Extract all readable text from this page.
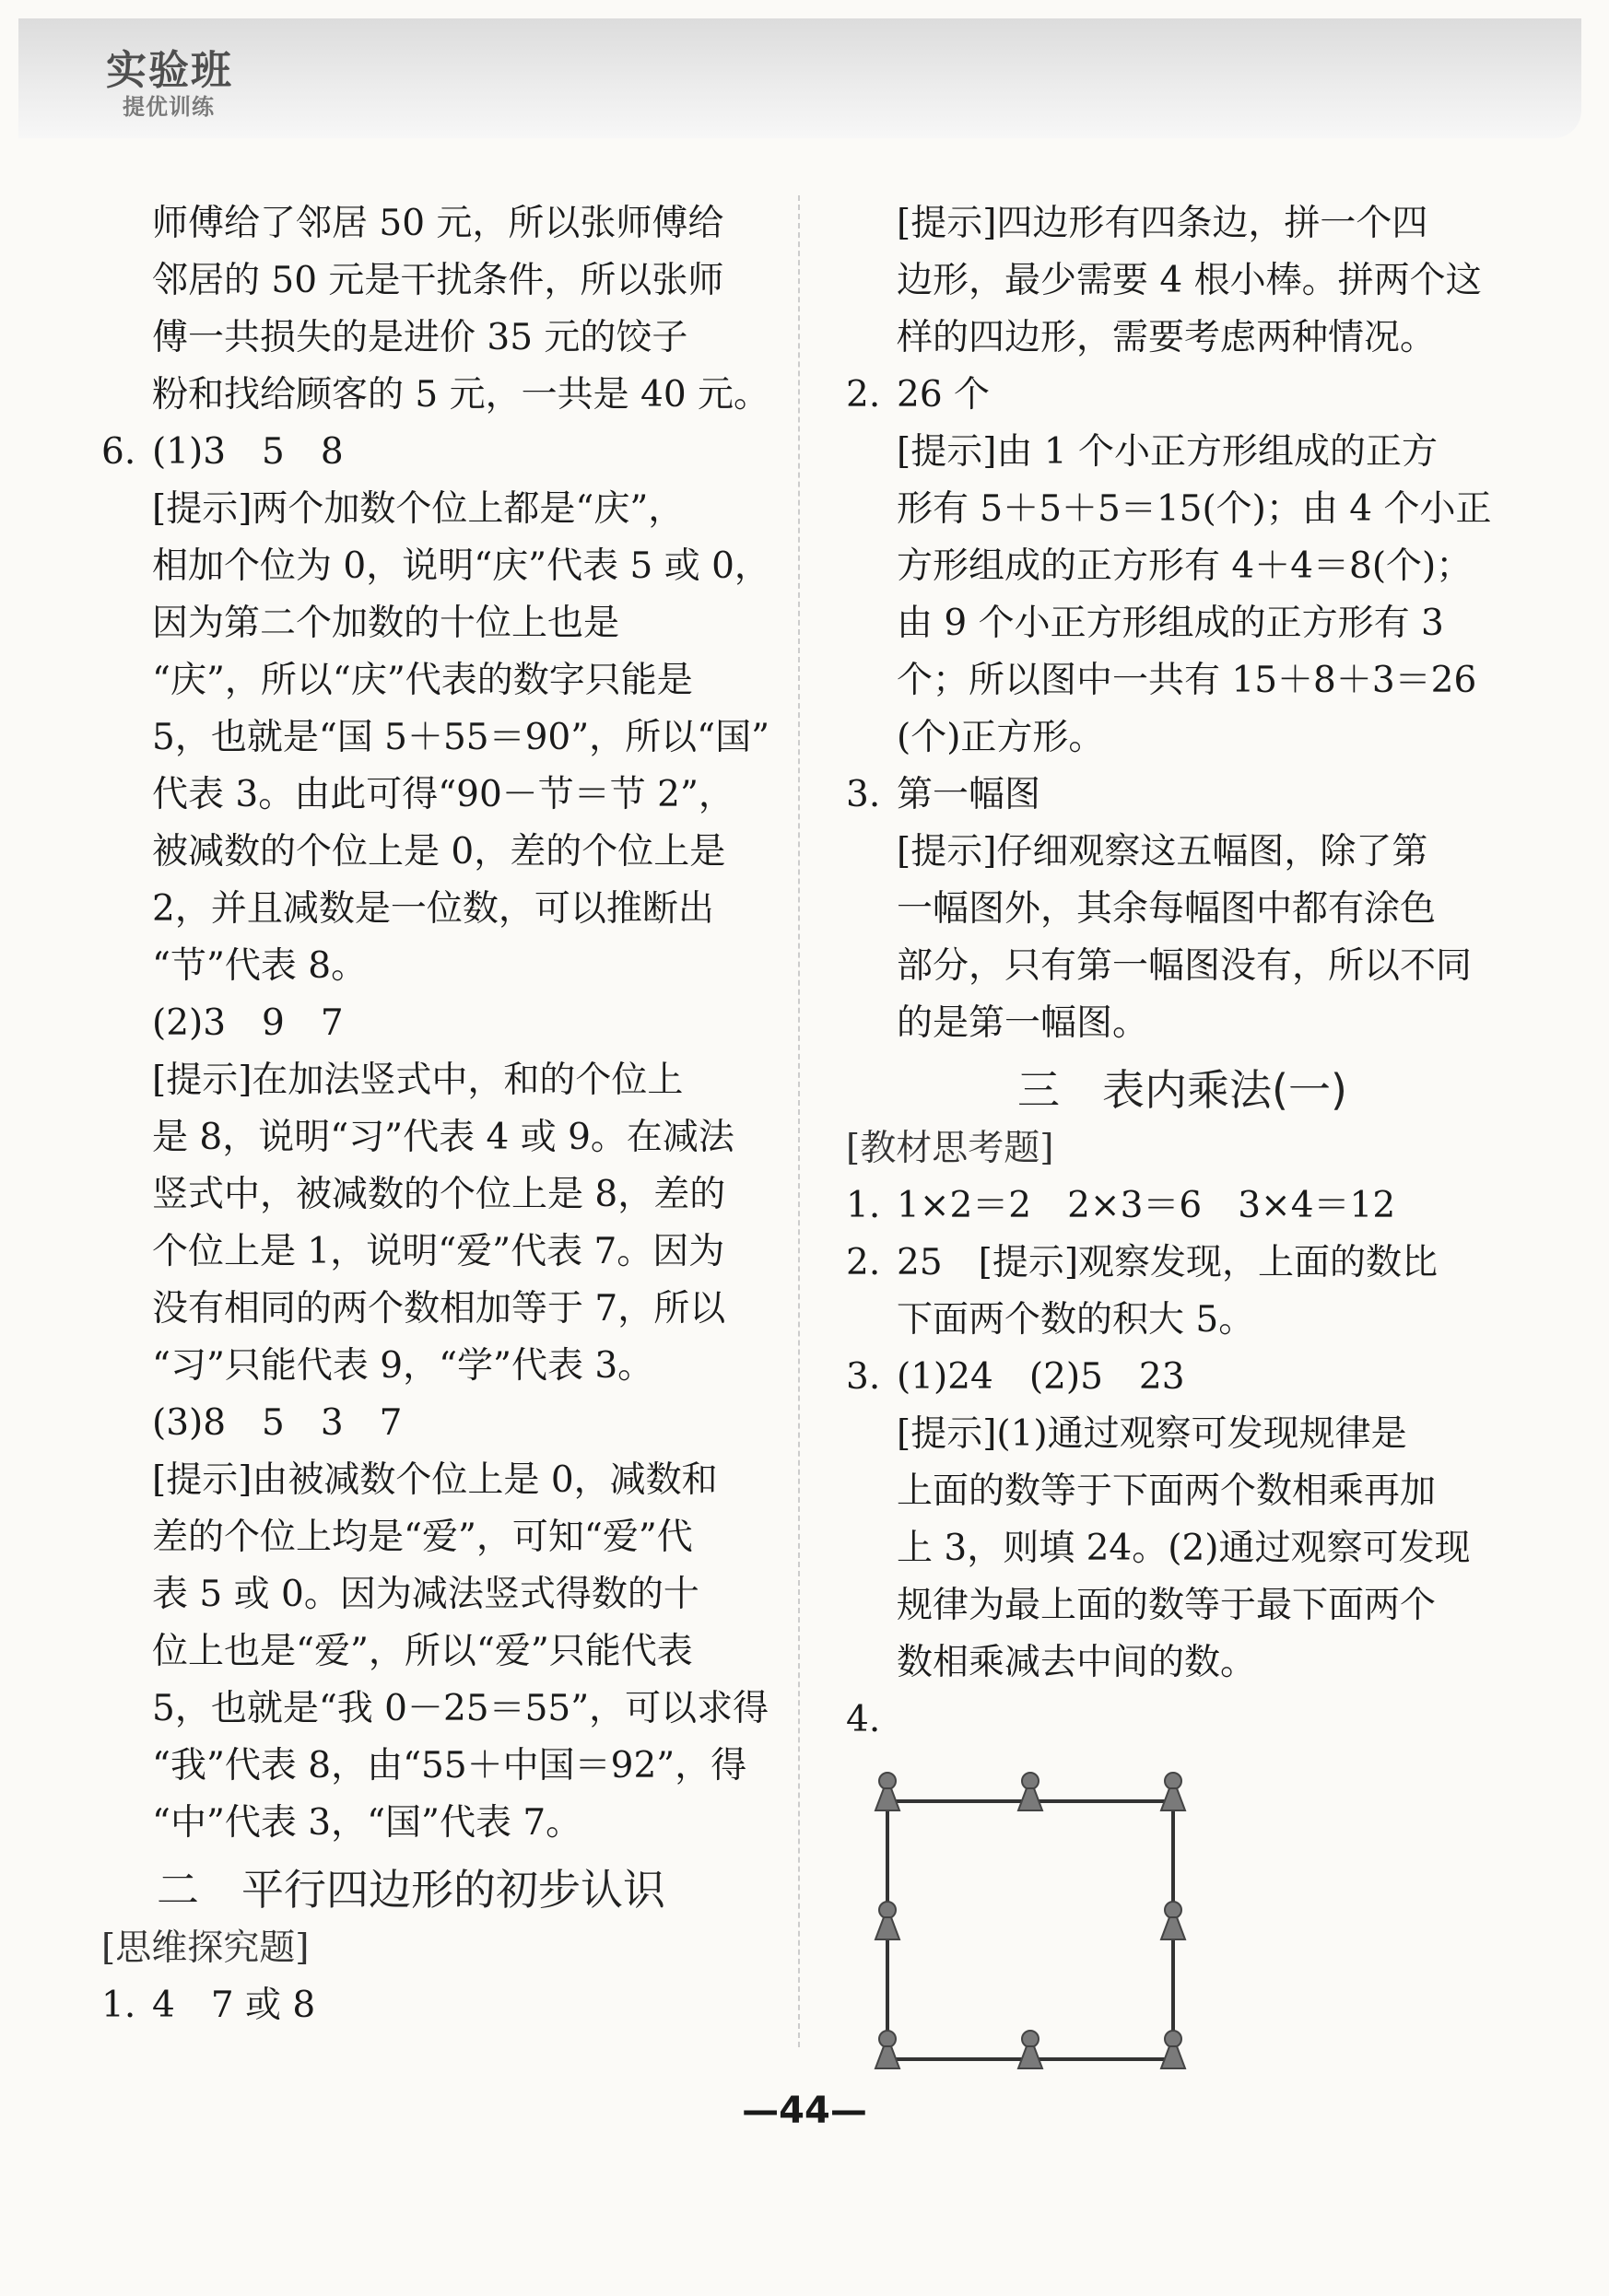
实验班
提优训练

师傅给了邻居 50 元，所以张师傅给

邻居的 50 元是干扰条件，所以张师

傅一共损失的是进价 35 元的饺子

粉和找给顾客的 5 元，一共是 40 元。

6. (1)3　5　8

[提示]两个加数个位上都是“庆”，

相加个位为 0，说明“庆”代表 5 或 0，

因为第二个加数的十位上也是

“庆”，所以“庆”代表的数字只能是

5，也就是“国 5＋55＝90”，所以“国”

代表 3。由此可得“90－节＝节 2”，

被减数的个位上是 0，差的个位上是

2，并且减数是一位数，可以推断出

“节”代表 8。

(2)3　9　7

[提示]在加法竖式中，和的个位上

是 8，说明“习”代表 4 或 9。在减法

竖式中，被减数的个位上是 8，差的

个位上是 1，说明“爱”代表 7。因为

没有相同的两个数相加等于 7，所以

“习”只能代表 9，“学”代表 3。

(3)8　5　3　7

[提示]由被减数个位上是 0，减数和

差的个位上均是“爱”，可知“爱”代

表 5 或 0。因为减法竖式得数的十

位上也是“爱”，所以“爱”只能代表

5，也就是“我 0－25＝55”，可以求得

“我”代表 8，由“55＋中国＝92”，得

“中”代表 3，“国”代表 7。

二　平行四边形的初步认识
[思维探究题]
1. 4　7 或 8

[提示]四边形有四条边，拼一个四

边形，最少需要 4 根小棒。拼两个这

样的四边形，需要考虑两种情况。

2. 26 个

[提示]由 1 个小正方形组成的正方

形有 5＋5＋5＝15(个)；由 4 个小正

方形组成的正方形有 4＋4＝8(个)；

由 9 个小正方形组成的正方形有 3

个；所以图中一共有 15＋8＋3＝26

(个)正方形。

3. 第一幅图

[提示]仔细观察这五幅图，除了第

一幅图外，其余每幅图中都有涂色

部分，只有第一幅图没有，所以不同

的是第一幅图。

三　表内乘法(一)
[教材思考题]
1. 1×2＝2　2×3＝6　3×4＝12

2. 25　[提示]观察发现，上面的数比

下面两个数的积大 5。

3. (1)24　(2)5　23

[提示](1)通过观察可发现规律是

上面的数等于下面两个数相乘再加

上 3，则填 24。(2)通过观察可发现

规律为最上面的数等于最下面两个

数相乘减去中间的数。

4.
—44—
